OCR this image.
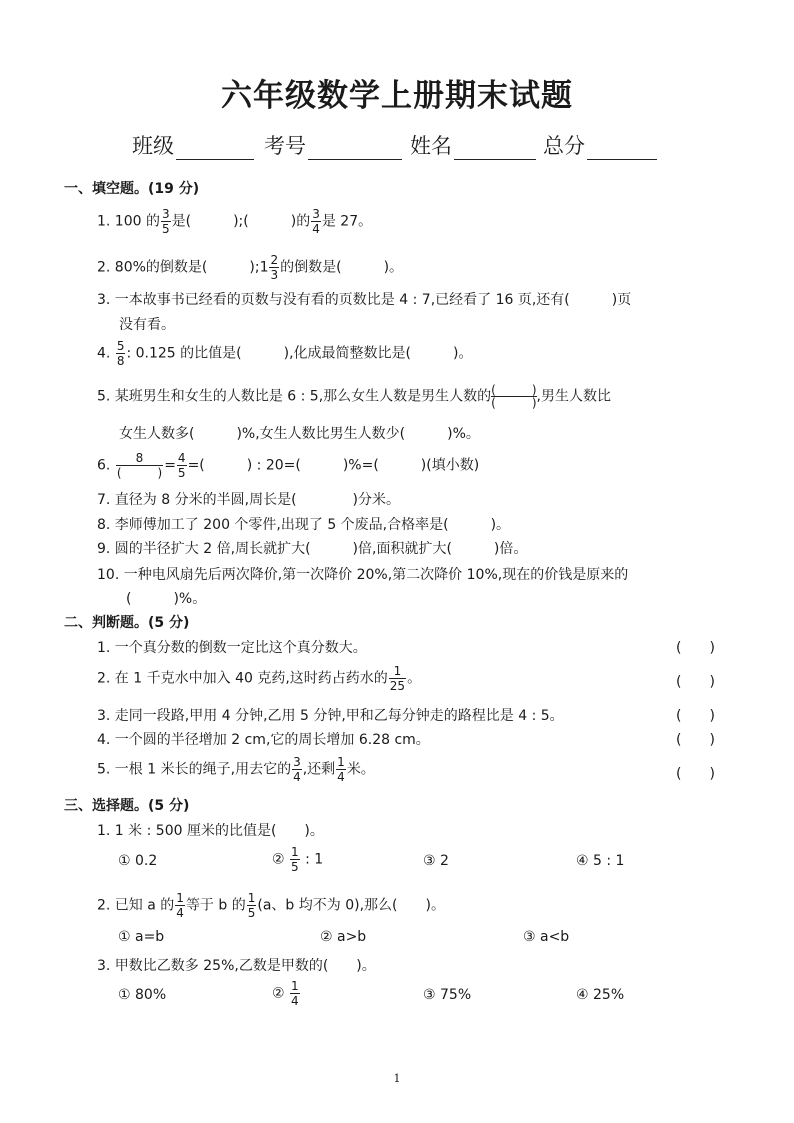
六年级数学上册期末试题
班级	考号	姓名	总分
一、填空题。(19 分)
1. 100 的 $\frac{3}{5}$ 是(　　　);(　　　)的 $\frac{3}{4}$ 是 27。
2. 80%的倒数是(　　　);1 $\frac{2}{3}$ 的倒数是(　　　)。
3. 一本故事书已经看的页数与没有看的页数比是 4 : 7,已经看了 16 页,还有(　　　)页
没有看。
4. $\frac{5}{8}$ : 0.125 的比值是(　　　),化成最简整数比是(　　　)。
5. 某班男生和女生的人数比是 6 : 5,那么女生人数是男生人数的 (　　　)
(　　　) ,男生人数比
女生人数多(　　　)%,女生人数比男生人数少(　　　)%。
6. $\frac{8}{( )} = \frac{4}{5}$ =(　　　) : 20=(　　　)%=(　　　)(填小数)
7. 直径为 8 分米的半圆,周长是(　　　　)分米。
8. 李师傅加工了 200 个零件,出现了 5 个废品,合格率是(　　　)。
9. 圆的半径扩大 2 倍,周长就扩大(　　　)倍,面积就扩大(　　　)倍。
10. 一种电风扇先后两次降价,第一次降价 20%,第二次降价 10%,现在的价钱是原来的
(　　　)%。
二、判断题。(5 分)
1. 一个真分数的倒数一定比这个真分数大。	(　　)
2. 在 1 千克水中加入 40 克药,这时药占药水的 $\frac{1}{25}$ 。	(　　)
3. 走同一段路,甲用 4 分钟,乙用 5 分钟,甲和乙每分钟走的路程比是 4 : 5。	(　　)
4. 一个圆的半径增加 2 cm,它的周长增加 6.28 cm。	(　　)
5. 一根 1 米长的绳子,用去它的 $\frac{3}{4}$ ,还剩 $\frac{1}{4}$ 米。	(　　)
三、选择题。(5 分)
1. 1 米 : 500 厘米的比值是(　　)。
① 0.2	② $\frac{1}{5}$ : 1	③ 2	④ 5 : 1
2. 已知 a 的 $\frac{1}{4}$ 等于 b 的 $\frac{1}{5} (a$、b 均不为 0),那么(　　)。
① a=b	② a>b	③ a<b
3. 甲数比乙数多 25%,乙数是甲数的(　　)。
① 80%	② $\frac{1}{4}$	③ 75%	④ 25%
1
